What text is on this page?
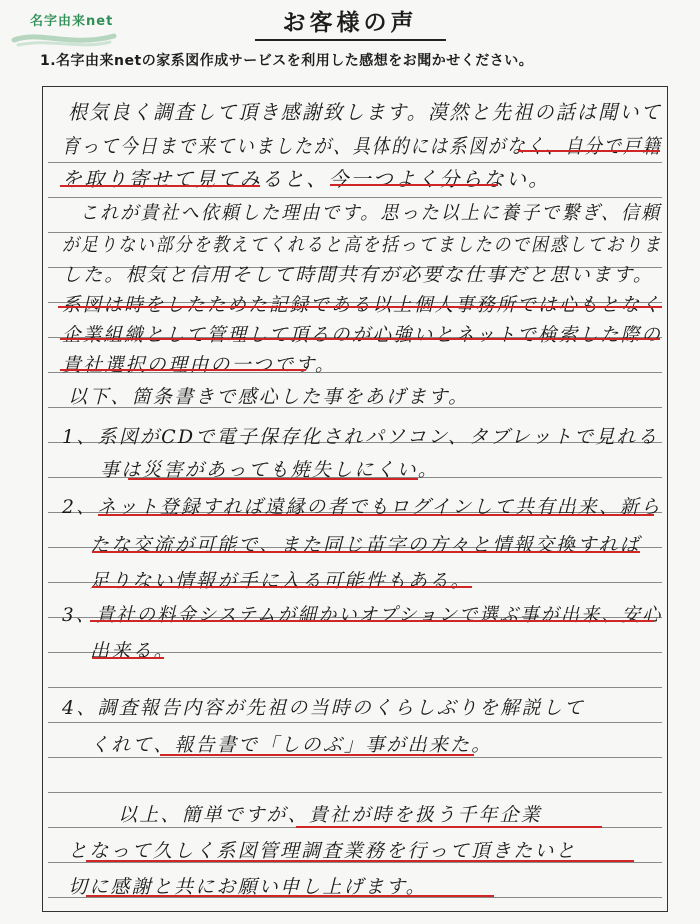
名字由来net	お客様の声
1.名字由来netの家系図作成サービスを利用した感想をお聞かせください。
根気良く調査して頂き感謝致します。漠然と先祖の話は聞いて
育って今日まで来ていましたが、具体的には系図がなく、自分で戸籍
を取り寄せて見てみると、今一つよく分らない。
これが貴社へ依頼した理由です。思った以上に養子で繋ぎ、信頼
が足りない部分を教えてくれると高を括ってましたので困惑しておりま
した。根気と信用そして時間共有が必要な仕事だと思います。
系図は時をしたためた記録である以上個人事務所では心もとなく
企業組織として管理して頂るのが心強いとネットで検索した際の
貴社選択の理由の一つです。
以下、箇条書きで感心した事をあげます。
1、系図がCDで電子保存化されパソコン、タブレットで見れる
事は災害があっても焼失しにくい。
2、ネット登録すれば遠縁の者でもログインして共有出来、新ら
たな交流が可能で、また同じ苗字の方々と情報交換すれば
足りない情報が手に入る可能性もある。
3、貴社の料金システムが細かいオプションで選ぶ事が出来、安心
出来る。
4、調査報告内容が先祖の当時のくらしぶりを解説して
くれて、報告書で「しのぶ」事が出来た。
以上、簡単ですが、貴社が時を扱う千年企業
となって久しく系図管理調査業務を行って頂きたいと
切に感謝と共にお願い申し上げます。
